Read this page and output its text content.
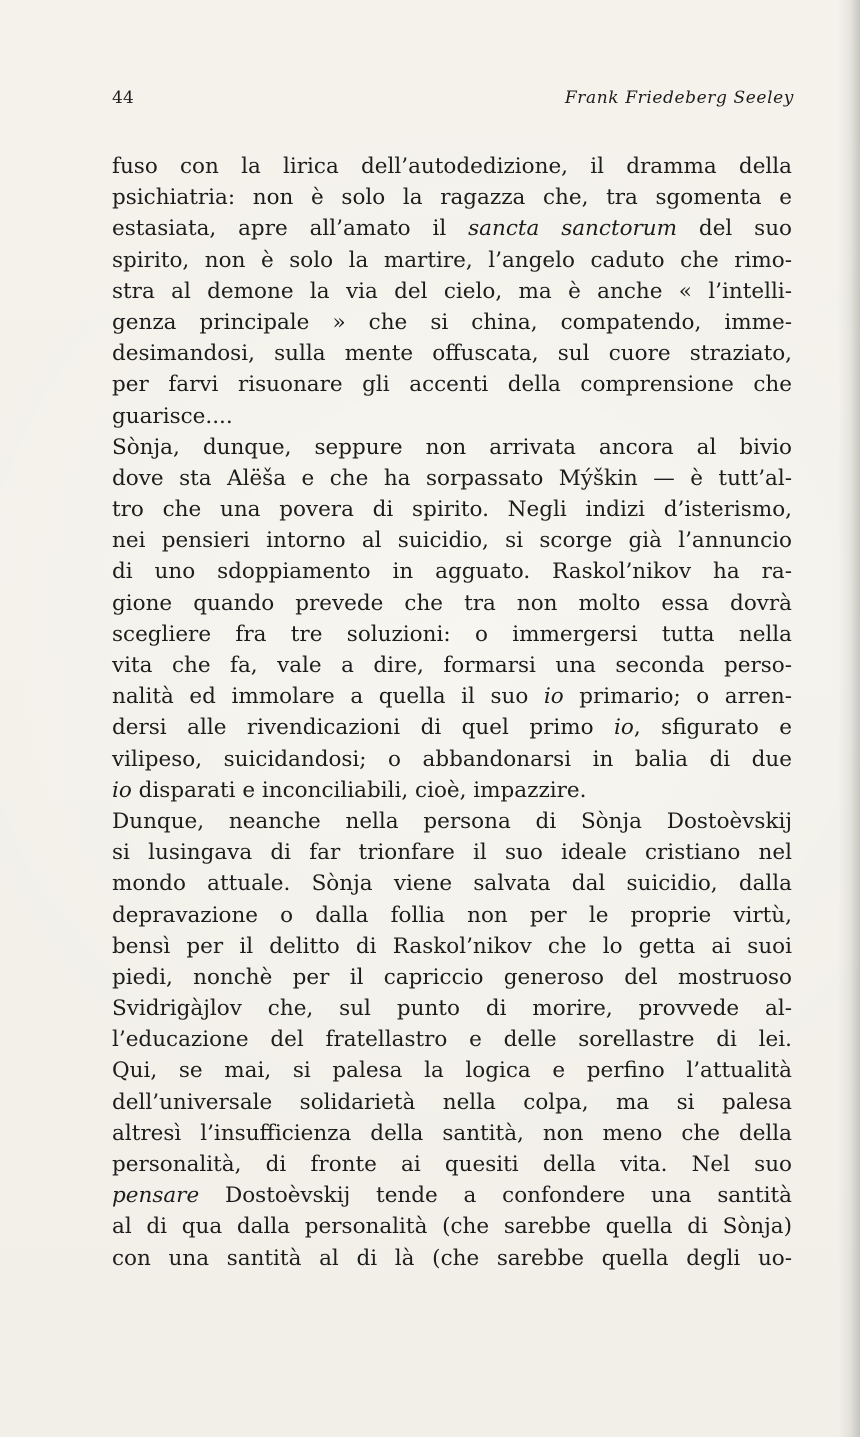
44	Frank Friedeberg Seeley
fuso con la lirica dell’autodedizione, il dramma della
psichiatria: non è solo la ragazza che, tra sgomenta e
estasiata, apre all’amato il sancta sanctorum del suo
spirito, non è solo la martire, l’angelo caduto che rimo-
stra al demone la via del cielo, ma è anche « l’intelli-
genza principale » che si china, compatendo, imme-
desimandosi, sulla mente offuscata, sul cuore straziato,
per farvi risuonare gli accenti della comprensione che
guarisce....
Sònja, dunque, seppure non arrivata ancora al bivio
dove sta Alëša e che ha sorpassato Mýškin — è tutt’al-
tro che una povera di spirito. Negli indizi d’isterismo,
nei pensieri intorno al suicidio, si scorge già l’annuncio
di uno sdoppiamento in agguato. Raskol’nikov ha ra-
gione quando prevede che tra non molto essa dovrà
scegliere fra tre soluzioni: o immergersi tutta nella
vita che fa, vale a dire, formarsi una seconda perso-
nalità ed immolare a quella il suo io primario; o arren-
dersi alle rivendicazioni di quel primo io, sfigurato e
vilipeso, suicidandosi; o abbandonarsi in balia di due
io disparati e inconciliabili, cioè, impazzire.
Dunque, neanche nella persona di Sònja Dostoèvskij
si lusingava di far trionfare il suo ideale cristiano nel
mondo attuale. Sònja viene salvata dal suicidio, dalla
depravazione o dalla follia non per le proprie virtù,
bensì per il delitto di Raskol’nikov che lo getta ai suoi
piedi, nonchè per il capriccio generoso del mostruoso
Svidrigàjlov che, sul punto di morire, provvede al-
l’educazione del fratellastro e delle sorellastre di lei.
Qui, se mai, si palesa la logica e perfino l’attualità
dell’universale solidarietà nella colpa, ma si palesa
altresì l’insufficienza della santità, non meno che della
personalità, di fronte ai quesiti della vita. Nel suo
pensare Dostoèvskij tende a confondere una santità
al di qua dalla personalità (che sarebbe quella di Sònja)
con una santità al di là (che sarebbe quella degli uo-
